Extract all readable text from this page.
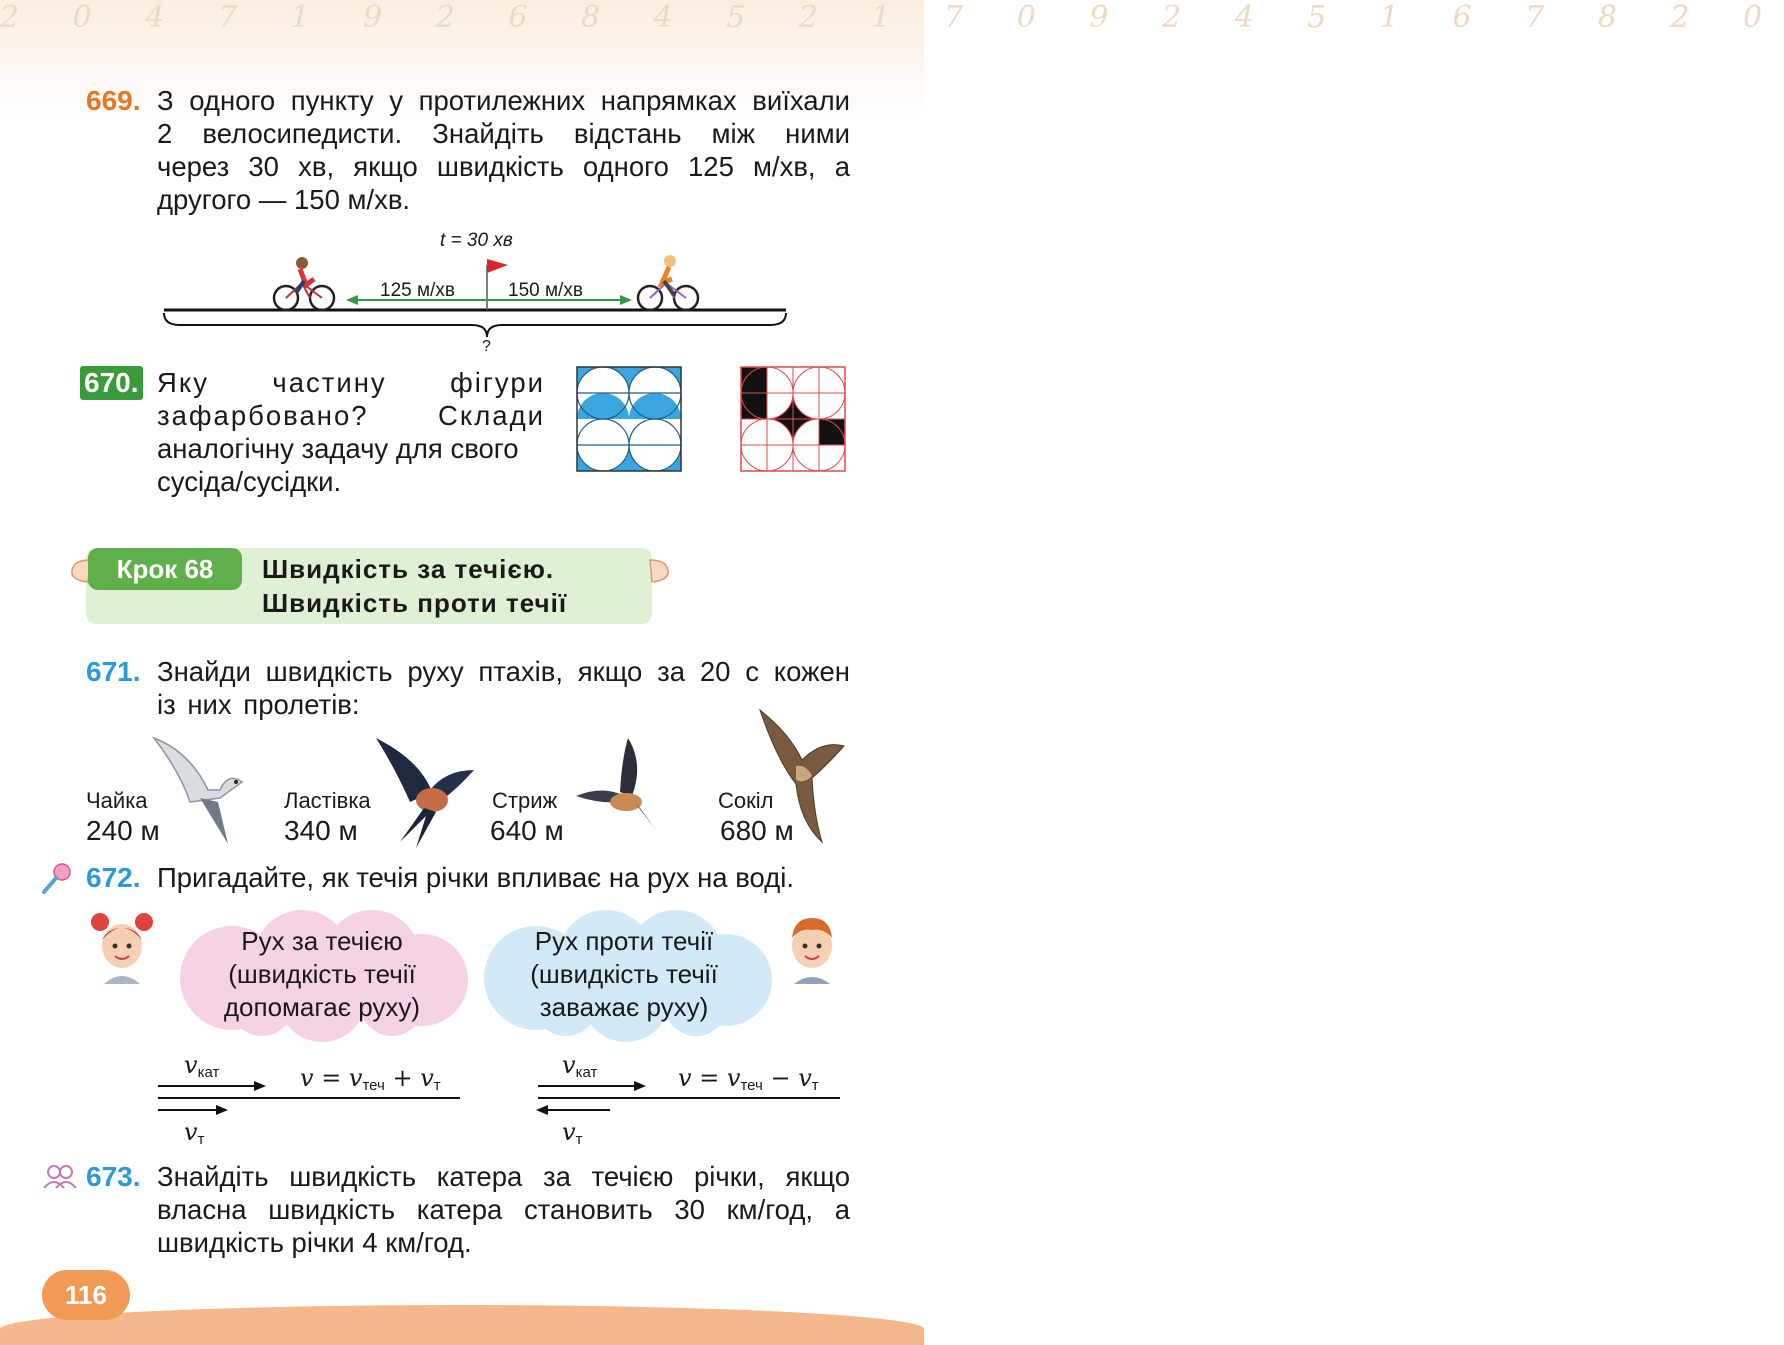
2 0 4 7 1 9 2 6 8 4 5 2 1 7 0 9 2 4 5 1 6 7 8 2 0
669. З одного пункту у протилежних напрямках виїхали
2 велосипедисти. Знайдіть відстань між ними
через 30 хв, якщо швидкість одного 125 м/хв, а
другого — 150 м/хв.
t = 30 хв
125 м/хв	150 м/хв
?
670. Яку частину фігури
зафарбовано? Склади
аналогічну задачу для свого
сусіда/сусідки.
Крок 68	Швидкість за течією.
Швидкість проти течії
671. Знайди швидкість руху птахів, якщо за 20 с кожен
із них пролетів:
Чайка
240 м
Ластівка
340 м
Стриж
640 м
Сокіл
680 м
672. Пригадайте, як течія річки впливає на рух на воді.
Рух за течією
(швидкість течії
допомагає руху)
Рух проти течії
(швидкість течії
заважає руху)
$v_{кат}$
$v_т$
$v = v_{теч} + v_т$
$v_{кат}$
$v_т$
$v = v_{теч} - v_т$
673. Знайдіть швидкість катера за течією річки, якщо
власна швидкість катера становить 30 км/год, а
швидкість річки 4 км/год.
116
